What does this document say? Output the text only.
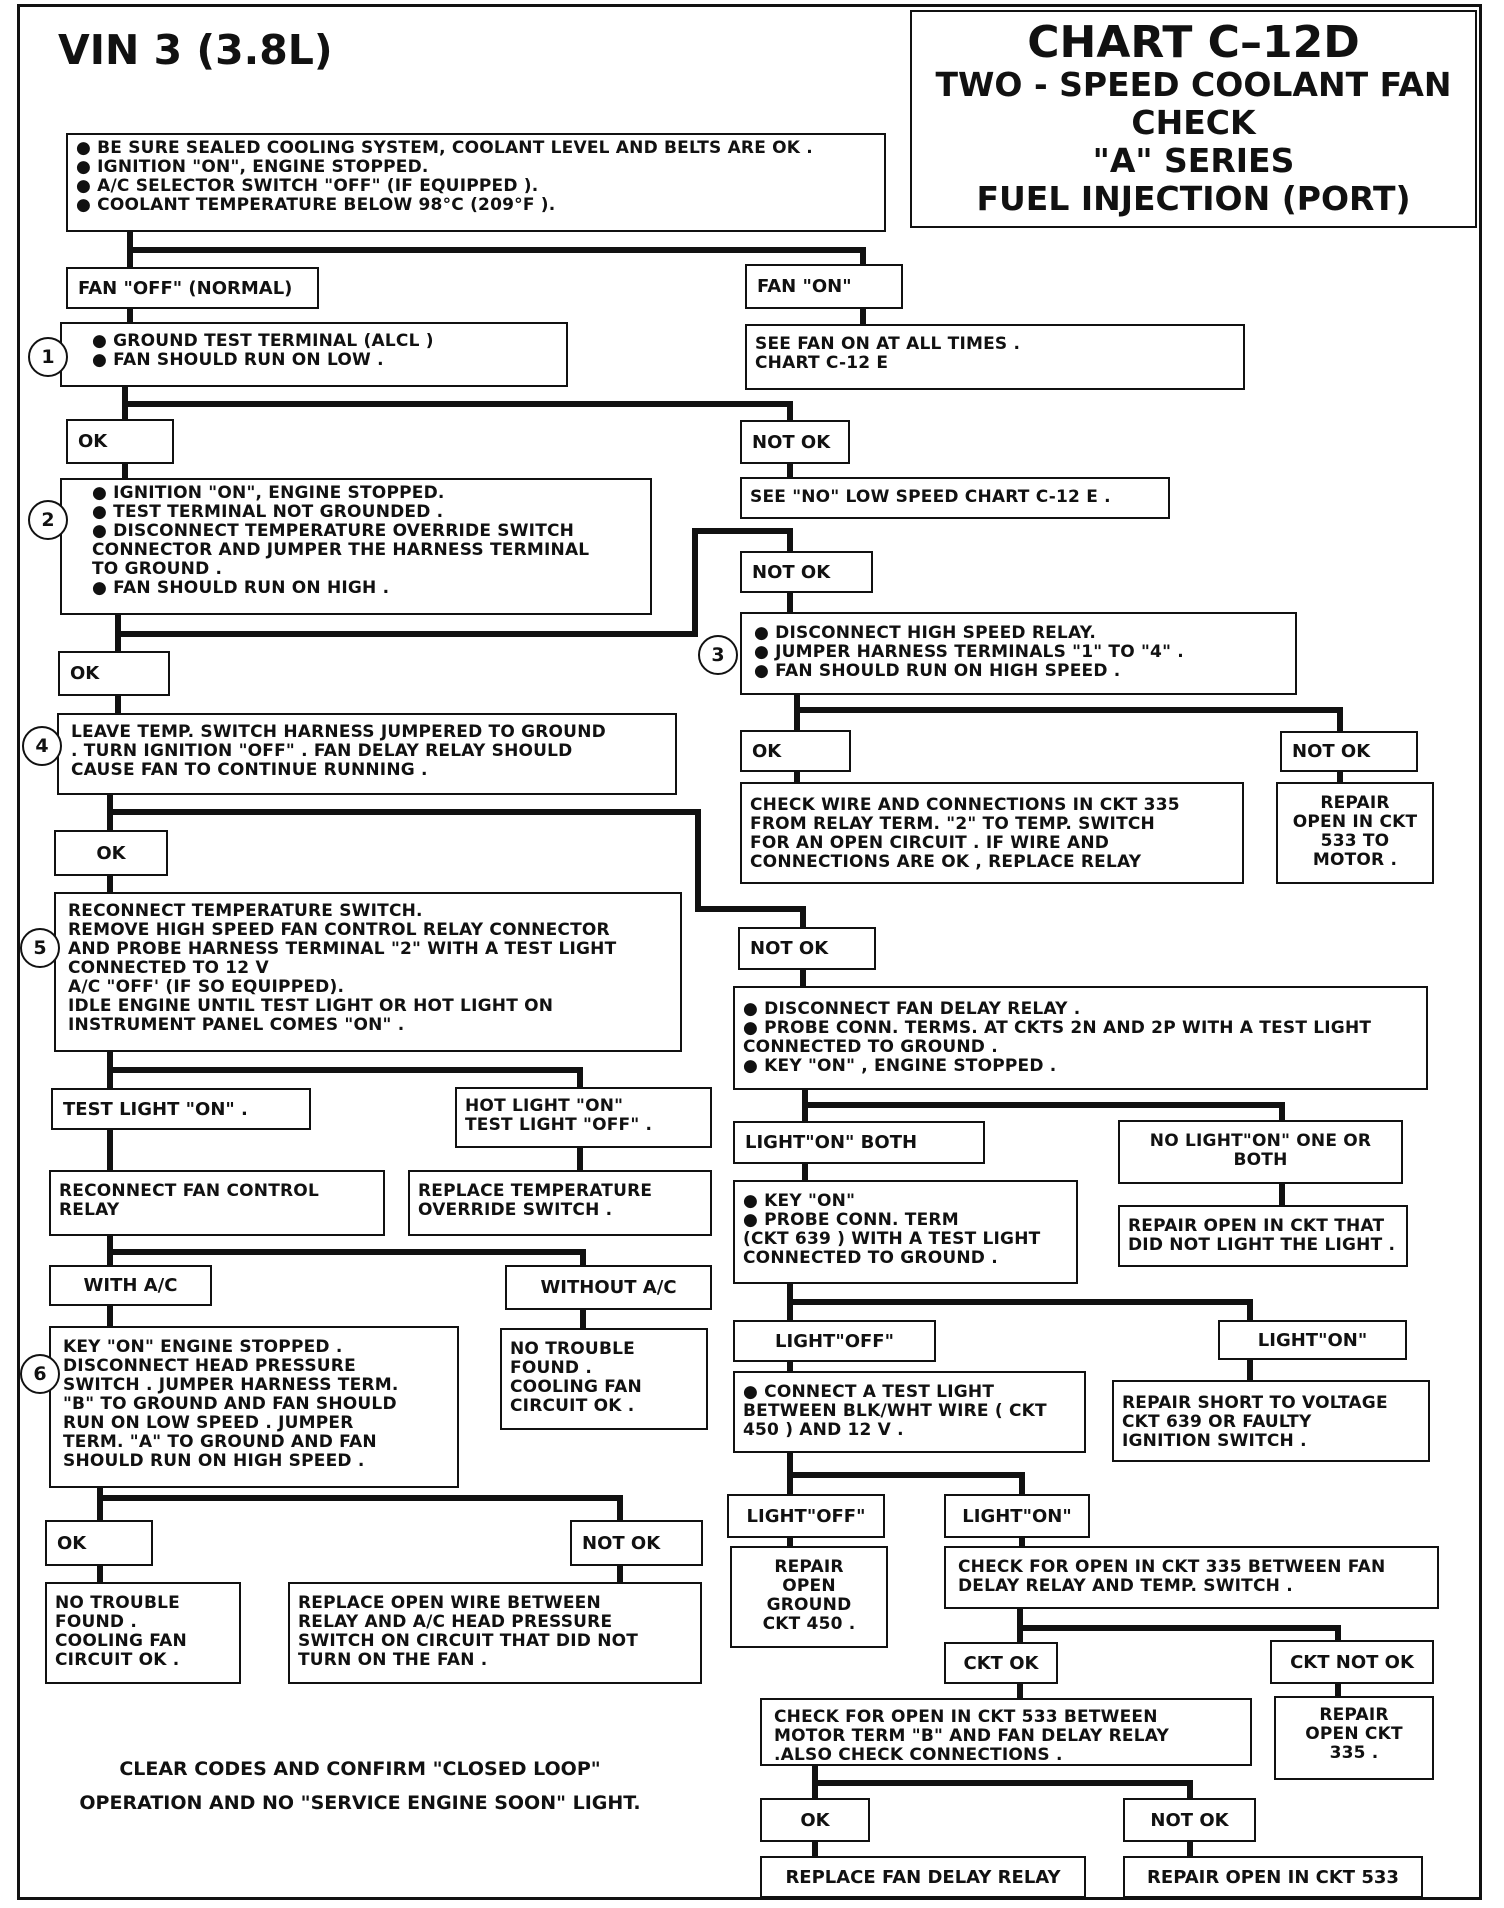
VIN 3 (3.8L)	CHART C–12D
TWO - SPEED COOLANT FAN
CHECK
"A" SERIES
FUEL INJECTION (PORT)
● BE SURE SEALED COOLING SYSTEM, COOLANT LEVEL AND BELTS ARE OK .
● IGNITION "ON", ENGINE STOPPED.
● A/C SELECTOR SWITCH "OFF" (IF EQUIPPED ).
● COOLANT TEMPERATURE BELOW 98°C (209°F ).
FAN "OFF" (NORMAL)	FAN "ON"
● GROUND TEST TERMINAL (ALCL )
● FAN SHOULD RUN ON LOW .
SEE FAN ON AT ALL TIMES .
CHART C-12 E
OK	NOT OK
● IGNITION "ON", ENGINE STOPPED.
● TEST TERMINAL NOT GROUNDED .
● DISCONNECT TEMPERATURE OVERRIDE SWITCH
CONNECTOR AND JUMPER THE HARNESS TERMINAL
TO GROUND .
● FAN SHOULD RUN ON HIGH .
SEE "NO" LOW SPEED CHART C-12 E .
NOT OK
● DISCONNECT HIGH SPEED RELAY.
● JUMPER HARNESS TERMINALS "1" TO "4" .
● FAN SHOULD RUN ON HIGH SPEED .
OK
LEAVE TEMP. SWITCH HARNESS JUMPERED TO GROUND
. TURN IGNITION "OFF" . FAN DELAY RELAY SHOULD
CAUSE FAN TO CONTINUE RUNNING .
OK	NOT OK
CHECK WIRE AND CONNECTIONS IN CKT 335
FROM RELAY TERM. "2" TO TEMP. SWITCH
FOR AN OPEN CIRCUIT . IF WIRE AND
CONNECTIONS ARE OK , REPLACE RELAY
REPAIR
OPEN IN CKT
533 TO
MOTOR .
OK
RECONNECT TEMPERATURE SWITCH.
REMOVE HIGH SPEED FAN CONTROL RELAY CONNECTOR
AND PROBE HARNESS TERMINAL "2" WITH A TEST LIGHT
CONNECTED TO 12 V
A/C "OFF' (IF SO EQUIPPED).
IDLE ENGINE UNTIL TEST LIGHT OR HOT LIGHT ON
INSTRUMENT PANEL COMES "ON" .
NOT OK
● DISCONNECT FAN DELAY RELAY .
● PROBE CONN. TERMS. AT CKTS 2N AND 2P WITH A TEST LIGHT
CONNECTED TO GROUND .
● KEY "ON" , ENGINE STOPPED .
TEST LIGHT "ON" .	HOT LIGHT "ON"
TEST LIGHT "OFF" .
LIGHT"ON" BOTH	NO LIGHT"ON" ONE OR
BOTH
RECONNECT FAN CONTROL
RELAY
REPLACE TEMPERATURE
OVERRIDE SWITCH .	● KEY "ON"
● PROBE CONN. TERM
(CKT 639 ) WITH A TEST LIGHT
CONNECTED TO GROUND .
REPAIR OPEN IN CKT THAT
DID NOT LIGHT THE LIGHT .
WITH A/C	WITHOUT A/C
LIGHT"OFF"	LIGHT"ON"
KEY "ON" ENGINE STOPPED .
DISCONNECT HEAD PRESSURE
SWITCH . JUMPER HARNESS TERM.
"B" TO GROUND AND FAN SHOULD
RUN ON LOW SPEED . JUMPER
TERM. "A" TO GROUND AND FAN
SHOULD RUN ON HIGH SPEED .
NO TROUBLE
FOUND .
COOLING FAN
CIRCUIT OK .
● CONNECT A TEST LIGHT
BETWEEN BLK/WHT WIRE ( CKT
450 ) AND 12 V .
REPAIR SHORT TO VOLTAGE
CKT 639 OR FAULTY
IGNITION SWITCH .
LIGHT"OFF"	LIGHT"ON"
OK	NOT OK
REPAIR
OPEN
GROUND
CKT 450 .
CHECK FOR OPEN IN CKT 335 BETWEEN FAN
DELAY RELAY AND TEMP. SWITCH .
NO TROUBLE
FOUND .
COOLING FAN
CIRCUIT OK .
REPLACE OPEN WIRE BETWEEN
RELAY AND A/C HEAD PRESSURE
SWITCH ON CIRCUIT THAT DID NOT
TURN ON THE FAN .	CKT OK	CKT NOT OK
CHECK FOR OPEN IN CKT 533 BETWEEN
MOTOR TERM "B" AND FAN DELAY RELAY
.ALSO CHECK CONNECTIONS .
REPAIR
OPEN CKT
335 .
OK	NOT OK
REPLACE FAN DELAY RELAY	REPAIR OPEN IN CKT 533
1
2
3
4
5
6
CLEAR CODES AND CONFIRM "CLOSED LOOP"
OPERATION AND NO "SERVICE ENGINE SOON" LIGHT.
